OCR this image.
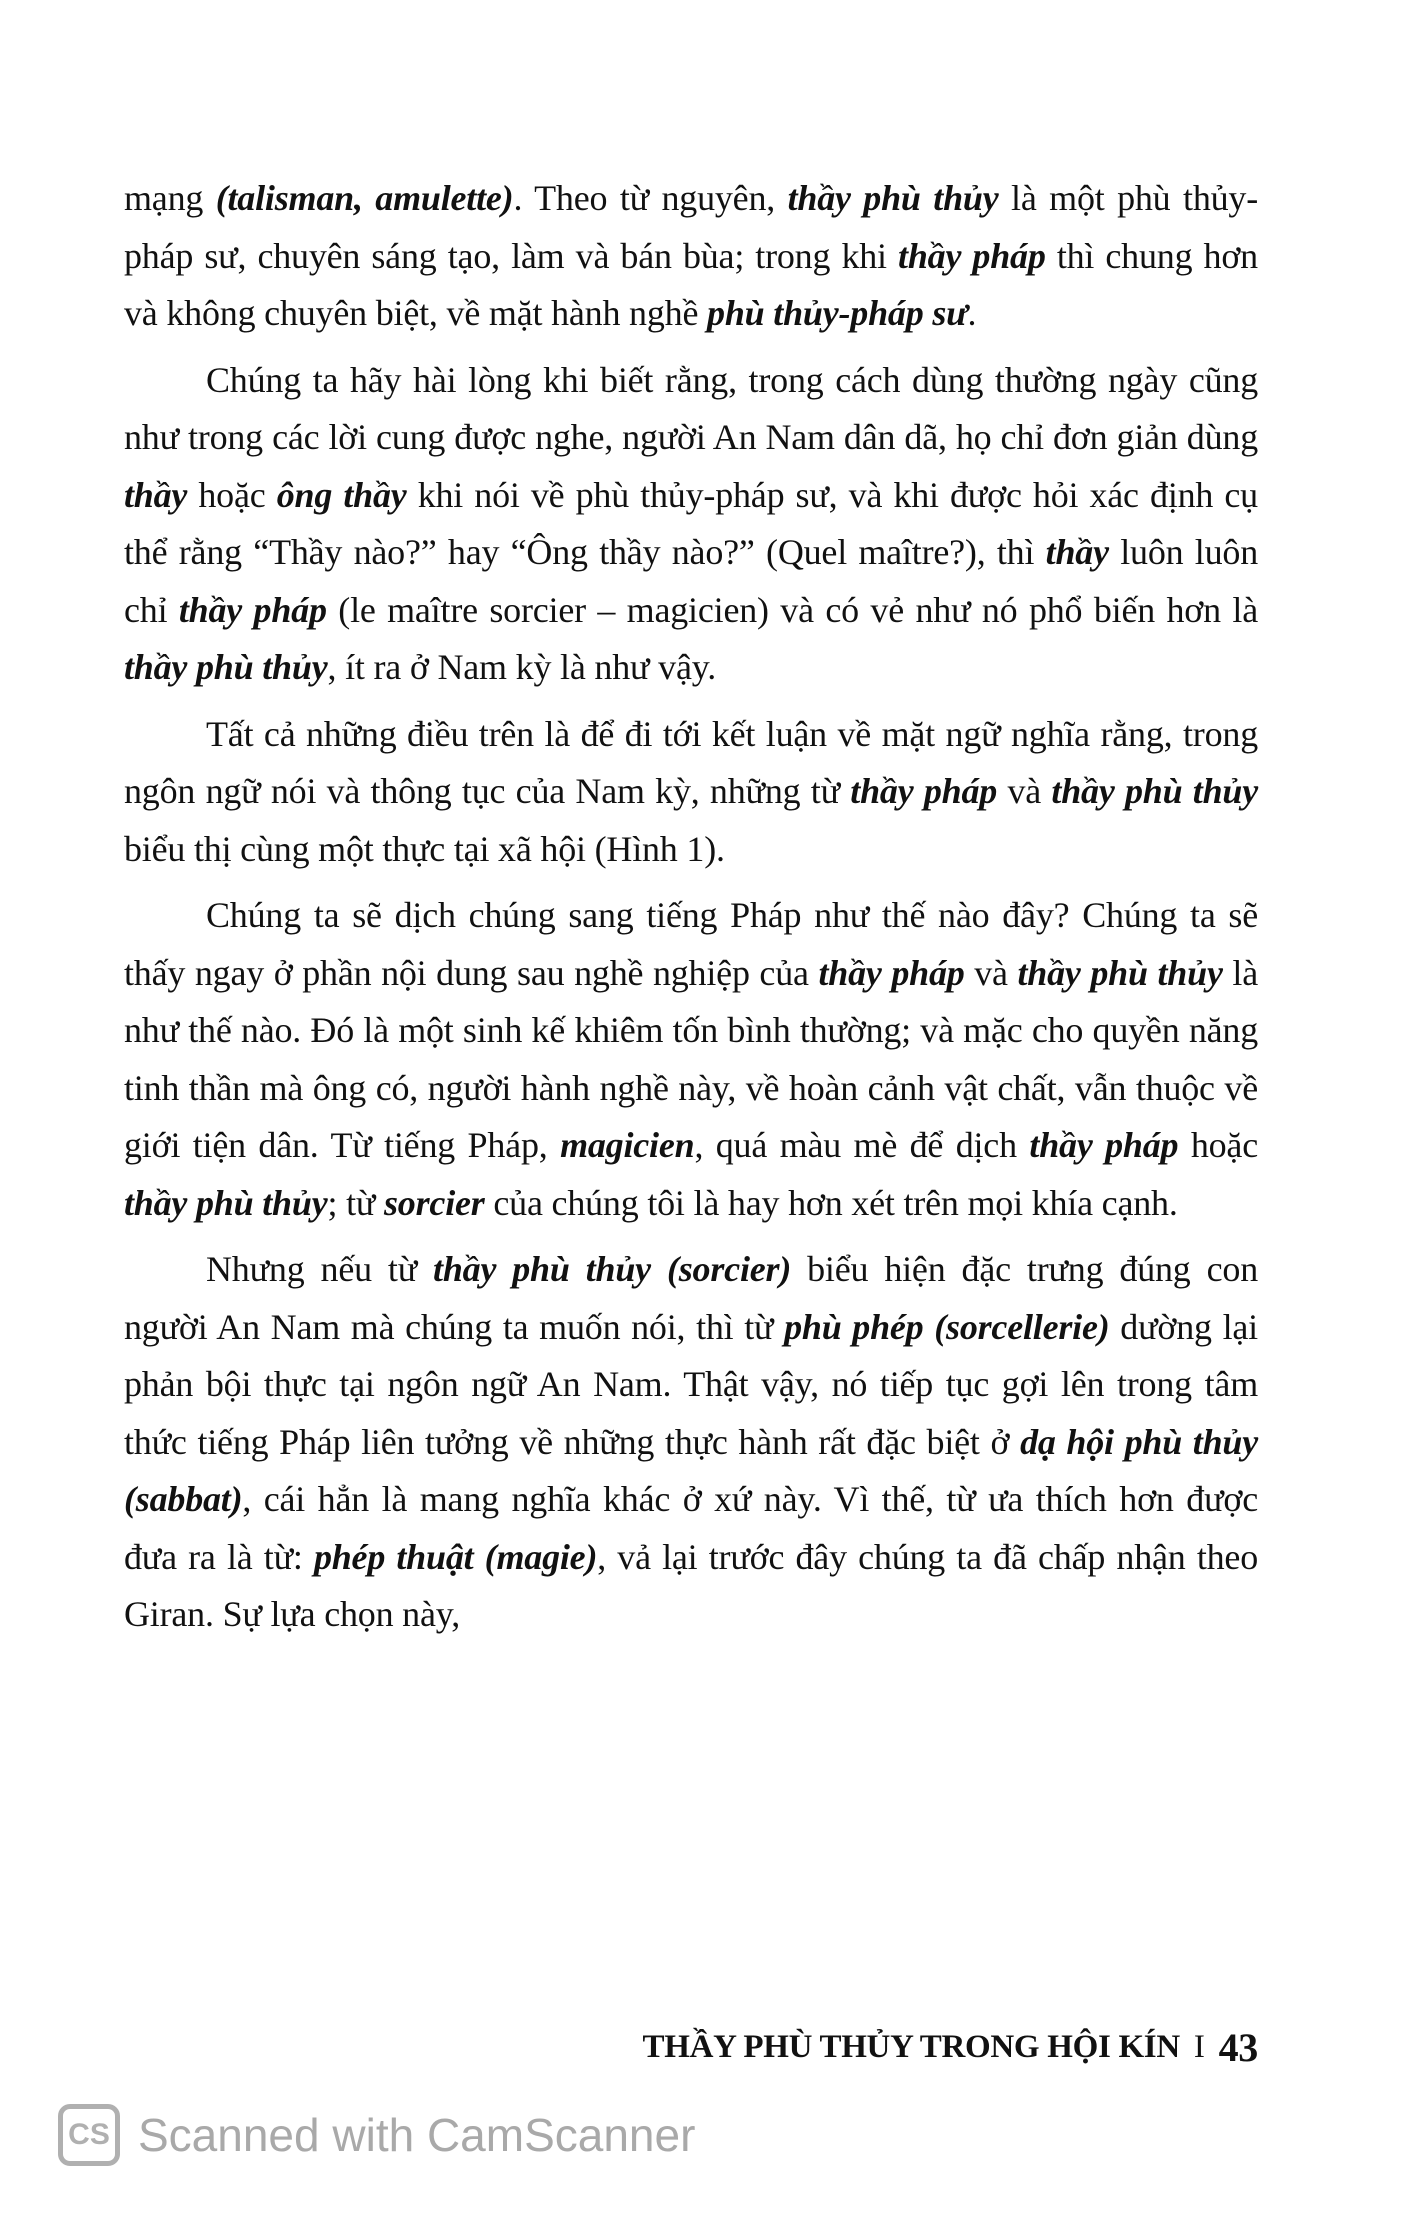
mạng (talisman, amulette). Theo từ nguyên, thầy phù thủy là một phù thủy-pháp sư, chuyên sáng tạo, làm và bán bùa; trong khi thầy pháp thì chung hơn và không chuyên biệt, về mặt hành nghề phù thủy-pháp sư.

Chúng ta hãy hài lòng khi biết rằng, trong cách dùng thường ngày cũng như trong các lời cung được nghe, người An Nam dân dã, họ chỉ đơn giản dùng thầy hoặc ông thầy khi nói về phù thủy-pháp sư, và khi được hỏi xác định cụ thể rằng “Thầy nào?” hay “Ông thầy nào?” (Quel maître?), thì thầy luôn luôn chỉ thầy pháp (le maître sorcier – magicien) và có vẻ như nó phổ biến hơn là thầy phù thủy, ít ra ở Nam kỳ là như vậy.

Tất cả những điều trên là để đi tới kết luận về mặt ngữ nghĩa rằng, trong ngôn ngữ nói và thông tục của Nam kỳ, những từ thầy pháp và thầy phù thủy biểu thị cùng một thực tại xã hội (Hình 1).

Chúng ta sẽ dịch chúng sang tiếng Pháp như thế nào đây? Chúng ta sẽ thấy ngay ở phần nội dung sau nghề nghiệp của thầy pháp và thầy phù thủy là như thế nào. Đó là một sinh kế khiêm tốn bình thường; và mặc cho quyền năng tinh thần mà ông có, người hành nghề này, về hoàn cảnh vật chất, vẫn thuộc về giới tiện dân. Từ tiếng Pháp, magicien, quá màu mè để dịch thầy pháp hoặc thầy phù thủy; từ sorcier của chúng tôi là hay hơn xét trên mọi khía cạnh.

Nhưng nếu từ thầy phù thủy (sorcier) biểu hiện đặc trưng đúng con người An Nam mà chúng ta muốn nói, thì từ phù phép (sorcellerie) dường lại phản bội thực tại ngôn ngữ An Nam. Thật vậy, nó tiếp tục gợi lên trong tâm thức tiếng Pháp liên tưởng về những thực hành rất đặc biệt ở dạ hội phù thủy (sabbat), cái hẳn là mang nghĩa khác ở xứ này. Vì thế, từ ưa thích hơn được đưa ra là từ: phép thuật (magie), vả lại trước đây chúng ta đã chấp nhận theo Giran. Sự lựa chọn này,

THẦY PHÙ THỦY TRONG HỘI KÍN I 43
CS Scanned with CamScanner
